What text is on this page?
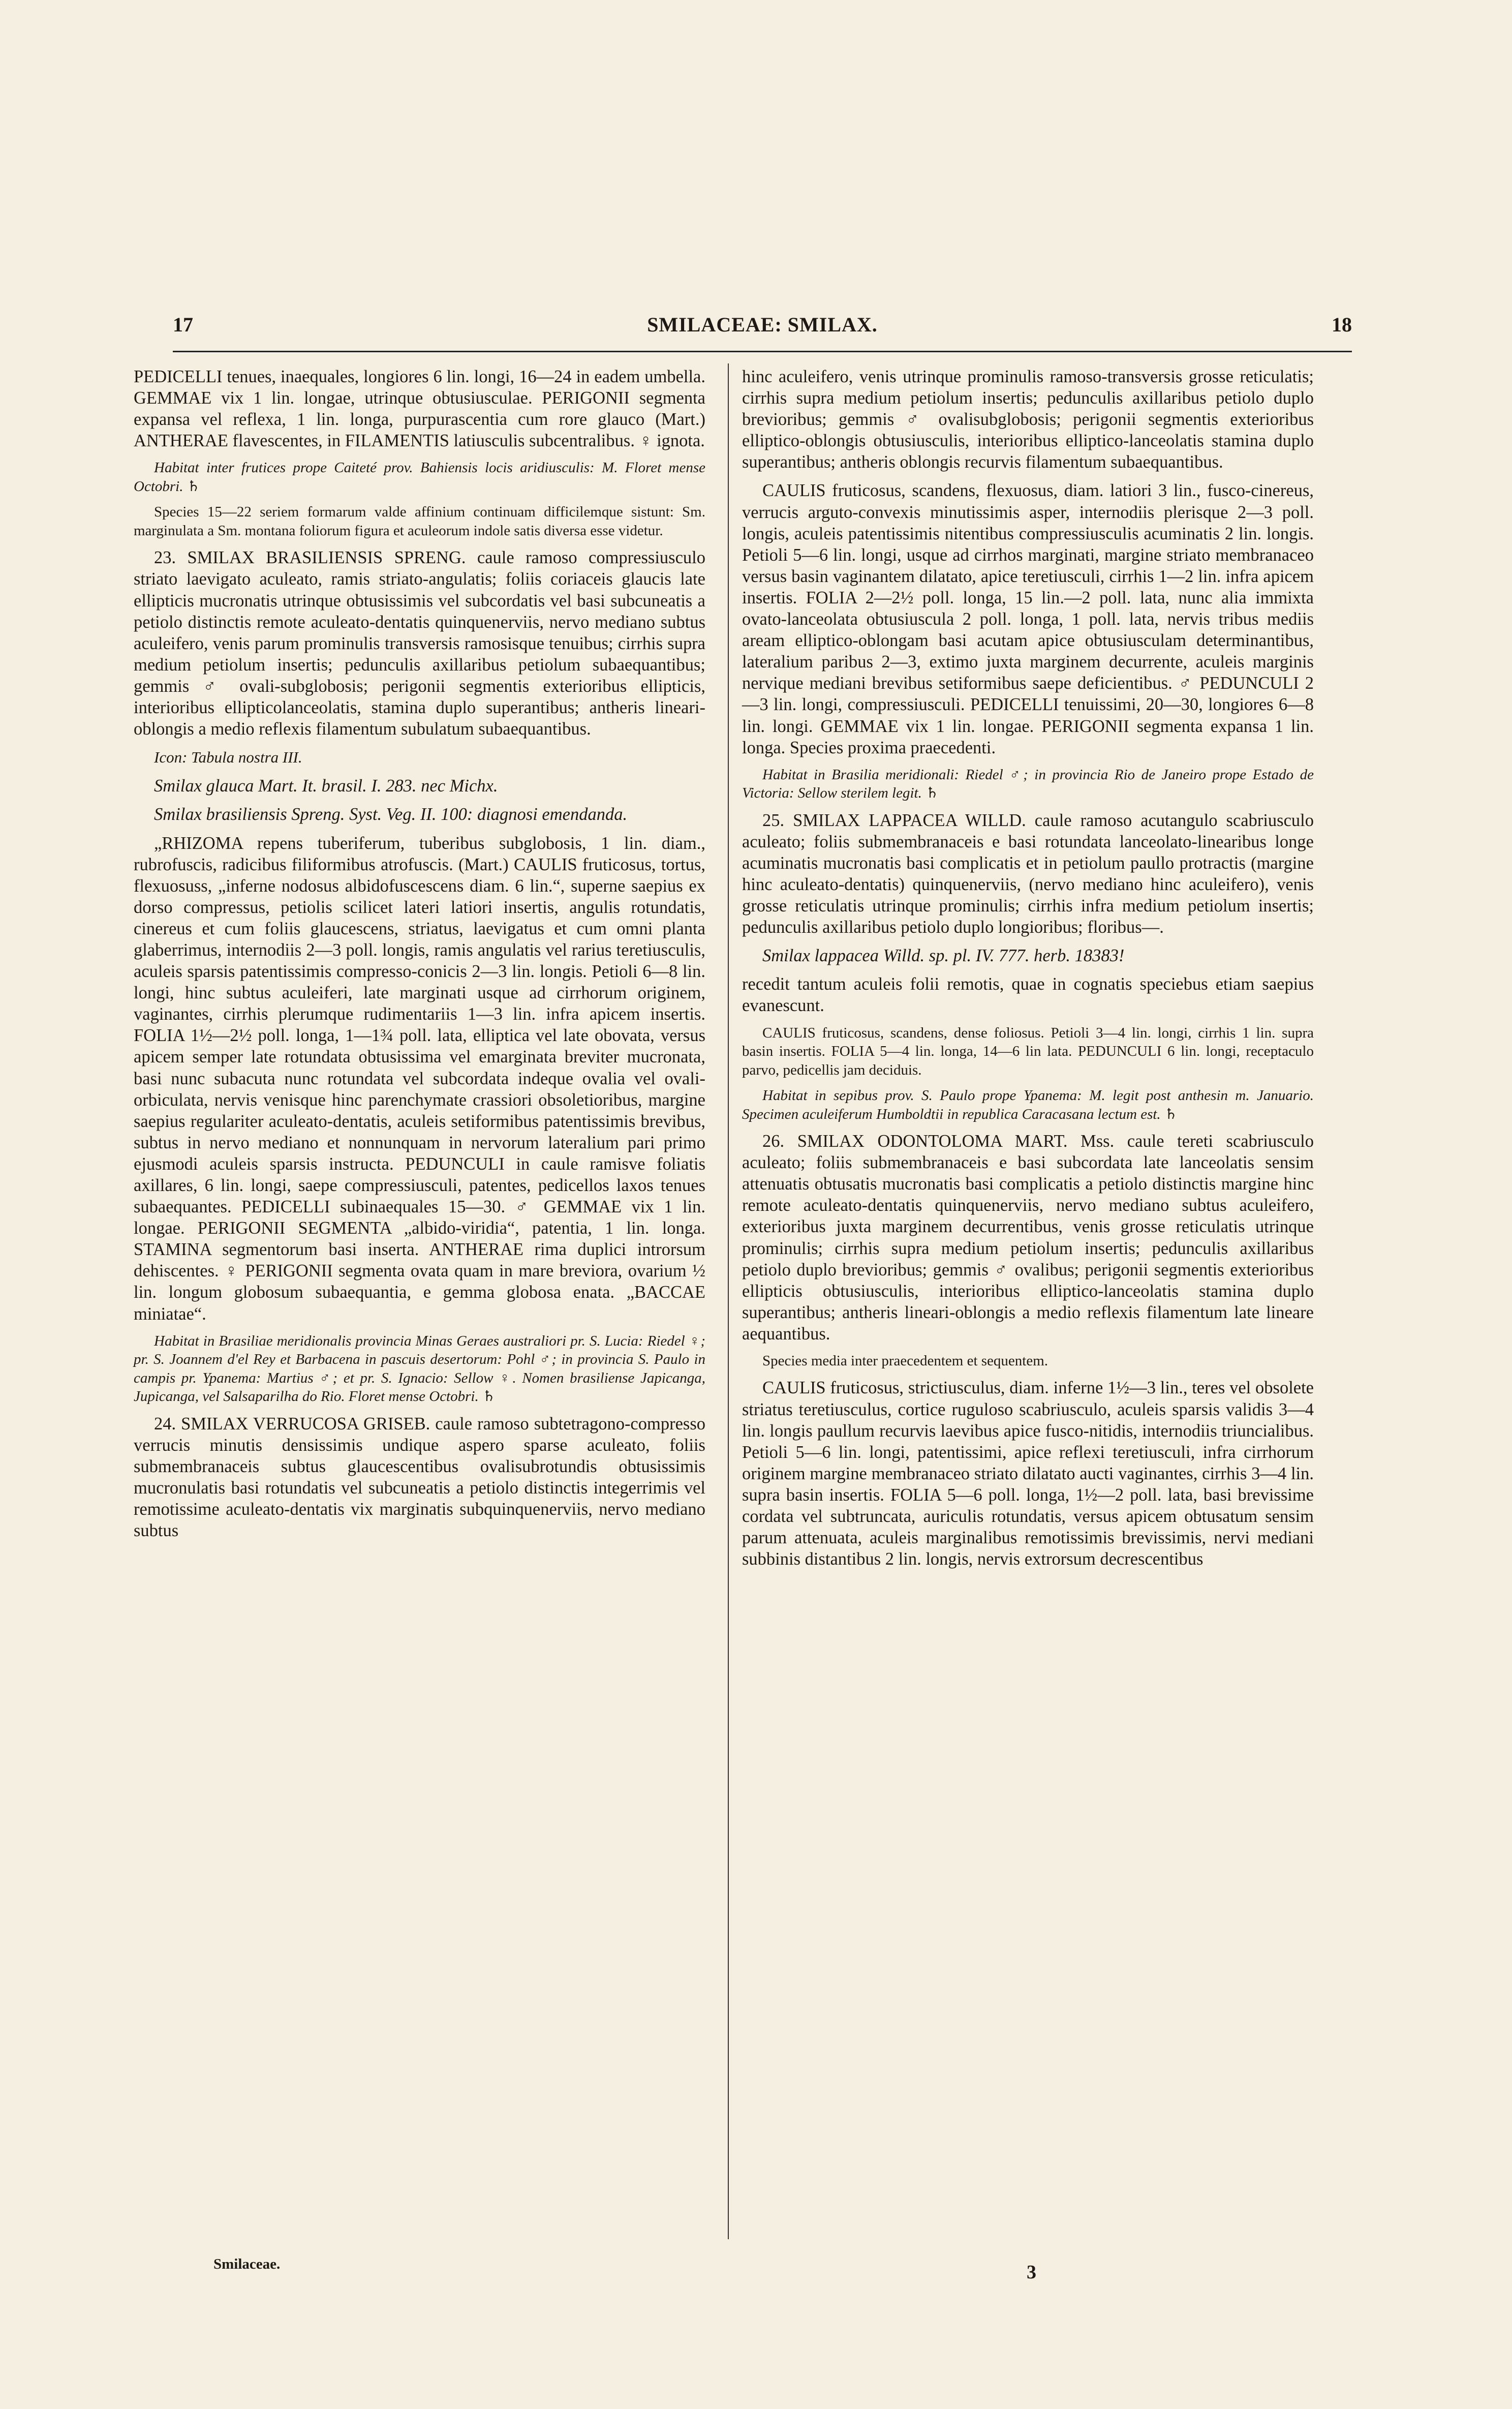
17	SMILACEAE: SMILAX.	18

PEDICELLI tenues, inaequales, longiores 6 lin. longi, 16—24 in eadem umbella. GEMMAE vix 1 lin. longae, utrinque obtusiusculae. PERIGONII segmenta expansa vel reflexa, 1 lin. longa, purpurascentia cum rore glauco (Mart.) ANTHERAE flavescentes, in FILAMENTIS latiusculis subcentralibus. ♀ ignota.

Habitat inter frutices prope Caiteté prov. Bahiensis locis aridiusculis: M. Floret mense Octobri. ♄

Species 15—22 seriem formarum valde affinium continuam difficilemque sistunt: Sm. marginulata a Sm. montana foliorum figura et aculeorum indole satis diversa esse videtur.

23. SMILAX BRASILIENSIS SPRENG. caule ramoso compressiusculo striato laevigato aculeato, ramis striato-angulatis; foliis coriaceis glaucis late ellipticis mucronatis utrinque obtusissimis vel subcordatis vel basi subcuneatis a petiolo distinctis remote aculeato-dentatis quinquenerviis, nervo mediano subtus aculeifero, venis parum prominulis transversis ramosisque tenuibus; cirrhis supra medium petiolum insertis; pedunculis axillaribus petiolum subaequantibus; gemmis ♂ ovali-subglobosis; perigonii segmentis exterioribus ellipticis, interioribus ellipticolanceolatis, stamina duplo superantibus; antheris lineari-oblongis a medio reflexis filamentum subulatum subaequantibus.

Icon: Tabula nostra III.

Smilax glauca Mart. It. brasil. I. 283. nec Michx.

Smilax brasiliensis Spreng. Syst. Veg. II. 100: diagnosi emendanda.

„RHIZOMA repens tuberiferum, tuberibus subglobosis, 1 lin. diam., rubrofuscis, radicibus filiformibus atrofuscis. (Mart.) CAULIS fruticosus, tortus, flexuosuss, „inferne nodosus albidofuscescens diam. 6 lin.“, superne saepius ex dorso compressus, petiolis scilicet lateri latiori insertis, angulis rotundatis, cinereus et cum foliis glaucescens, striatus, laevigatus et cum omni planta glaberrimus, internodiis 2—3 poll. longis, ramis angulatis vel rarius teretiusculis, aculeis sparsis patentissimis compresso-conicis 2—3 lin. longis. Petioli 6—8 lin. longi, hinc subtus aculeiferi, late marginati usque ad cirrhorum originem, vaginantes, cirrhis plerumque rudimentariis 1—3 lin. infra apicem insertis. FOLIA 1½—2½ poll. longa, 1—1¾ poll. lata, elliptica vel late obovata, versus apicem semper late rotundata obtusissima vel emarginata breviter mucronata, basi nunc subacuta nunc rotundata vel subcordata indeque ovalia vel ovali-orbiculata, nervis venisque hinc parenchymate crassiori obsoletioribus, margine saepius regulariter aculeato-dentatis, aculeis setiformibus patentissimis brevibus, subtus in nervo mediano et nonnunquam in nervorum lateralium pari primo ejusmodi aculeis sparsis instructa. PEDUNCULI in caule ramisve foliatis axillares, 6 lin. longi, saepe compressiusculi, patentes, pedicellos laxos tenues subaequantes. PEDICELLI subinaequales 15—30. ♂ GEMMAE vix 1 lin. longae. PERIGONII SEGMENTA „albido-viridia“, patentia, 1 lin. longa. STAMINA segmentorum basi inserta. ANTHERAE rima duplici introrsum dehiscentes. ♀ PERIGONII segmenta ovata quam in mare breviora, ovarium ½ lin. longum globosum subaequantia, e gemma globosa enata. „BACCAE miniatae“.

Habitat in Brasiliae meridionalis provincia Minas Geraes australiori pr. S. Lucia: Riedel ♀; pr. S. Joannem d'el Rey et Barbacena in pascuis desertorum: Pohl ♂; in provincia S. Paulo in campis pr. Ypanema: Martius ♂; et pr. S. Ignacio: Sellow ♀. Nomen brasiliense Japicanga, Jupicanga, vel Salsaparilha do Rio. Floret mense Octobri. ♄

24. SMILAX VERRUCOSA GRISEB. caule ramoso subtetragono-compresso verrucis minutis densissimis undique aspero sparse aculeato, foliis submembranaceis subtus glaucescentibus ovalisubrotundis obtusissimis mucronulatis basi rotundatis vel subcuneatis a petiolo distinctis integerrimis vel remotissime aculeato-dentatis vix marginatis subquinquenerviis, nervo mediano subtus

hinc aculeifero, venis utrinque prominulis ramoso-transversis grosse reticulatis; cirrhis supra medium petiolum insertis; pedunculis axillaribus petiolo duplo brevioribus; gemmis ♂ ovalisubglobosis; perigonii segmentis exterioribus elliptico-oblongis obtusiusculis, interioribus elliptico-lanceolatis stamina duplo superantibus; antheris oblongis recurvis filamentum subaequantibus.

CAULIS fruticosus, scandens, flexuosus, diam. latiori 3 lin., fusco-cinereus, verrucis arguto-convexis minutissimis asper, internodiis plerisque 2—3 poll. longis, aculeis patentissimis nitentibus compressiusculis acuminatis 2 lin. longis. Petioli 5—6 lin. longi, usque ad cirrhos marginati, margine striato membranaceo versus basin vaginantem dilatato, apice teretiusculi, cirrhis 1—2 lin. infra apicem insertis. FOLIA 2—2½ poll. longa, 15 lin.—2 poll. lata, nunc alia immixta ovato-lanceolata obtusiuscula 2 poll. longa, 1 poll. lata, nervis tribus mediis aream elliptico-oblongam basi acutam apice obtusiusculam determinantibus, lateralium paribus 2—3, extimo juxta marginem decurrente, aculeis marginis nervique mediani brevibus setiformibus saepe deficientibus. ♂ PEDUNCULI 2—3 lin. longi, compressiusculi. PEDICELLI tenuissimi, 20—30, longiores 6—8 lin. longi. GEMMAE vix 1 lin. longae. PERIGONII segmenta expansa 1 lin. longa. Species proxima praecedenti.

Habitat in Brasilia meridionali: Riedel ♂; in provincia Rio de Janeiro prope Estado de Victoria: Sellow sterilem legit. ♄

25. SMILAX LAPPACEA WILLD. caule ramoso acutangulo scabriusculo aculeato; foliis submembranaceis e basi rotundata lanceolato-linearibus longe acuminatis mucronatis basi complicatis et in petiolum paullo protractis (margine hinc aculeato-dentatis) quinquenerviis, (nervo mediano hinc aculeifero), venis grosse reticulatis utrinque prominulis; cirrhis infra medium petiolum insertis; pedunculis axillaribus petiolo duplo longioribus; floribus—.

Smilax lappacea Willd. sp. pl. IV. 777. herb. 18383!

recedit tantum aculeis folii remotis, quae in cognatis speciebus etiam saepius evanescunt.

CAULIS fruticosus, scandens, dense foliosus. Petioli 3—4 lin. longi, cirrhis 1 lin. supra basin insertis. FOLIA 5—4 lin. longa, 14—6 lin lata. PEDUNCULI 6 lin. longi, receptaculo parvo, pedicellis jam deciduis.

Habitat in sepibus prov. S. Paulo prope Ypanema: M. legit post anthesin m. Januario. Specimen aculeiferum Humboldtii in republica Caracasana lectum est. ♄

26. SMILAX ODONTOLOMA MART. Mss. caule tereti scabriusculo aculeato; foliis submembranaceis e basi subcordata late lanceolatis sensim attenuatis obtusatis mucronatis basi complicatis a petiolo distinctis margine hinc remote aculeato-dentatis quinquenerviis, nervo mediano subtus aculeifero, exterioribus juxta marginem decurrentibus, venis grosse reticulatis utrinque prominulis; cirrhis supra medium petiolum insertis; pedunculis axillaribus petiolo duplo brevioribus; gemmis ♂ ovalibus; perigonii segmentis exterioribus ellipticis obtusiusculis, interioribus elliptico-lanceolatis stamina duplo superantibus; antheris lineari-oblongis a medio reflexis filamentum late lineare aequantibus.

Species media inter praecedentem et sequentem.

CAULIS fruticosus, strictiusculus, diam. inferne 1½—3 lin., teres vel obsolete striatus teretiusculus, cortice ruguloso scabriusculo, aculeis sparsis validis 3—4 lin. longis paullum recurvis laevibus apice fusco-nitidis, internodiis triuncialibus. Petioli 5—6 lin. longi, patentissimi, apice reflexi teretiusculi, infra cirrhorum originem margine membranaceo striato dilatato aucti vaginantes, cirrhis 3—4 lin. supra basin insertis. FOLIA 5—6 poll. longa, 1½—2 poll. lata, basi brevissime cordata vel subtruncata, auriculis rotundatis, versus apicem obtusatum sensim parum attenuata, aculeis marginalibus remotissimis brevissimis, nervi mediani subbinis distantibus 2 lin. longis, nervis extrorsum decrescentibus

Smilaceae.	3
